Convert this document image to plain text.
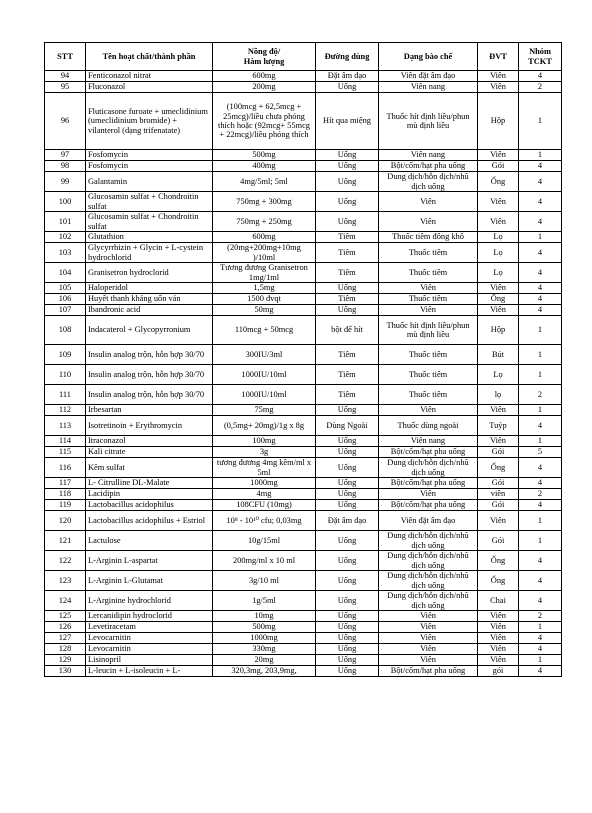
STT	Tên hoạt chất/thành phần	Nồng độ/
Hàm lượng	Đường dùng	Dạng bào chế	ĐVT	Nhóm
TCKT
94	Fenticonazol nitrat	600mg	Đặt âm đạo	Viên đặt âm đạo	Viên	4
95	Fluconazol	200mg	Uống	Viên nang	Viên	2
96	Fluticasone furoate + umeclidinium (umeclidinium bromide) + vilanterol (dạng trifenatate)	(100mcg + 62,5mcg + 25mcg)/liều chưa phóng thích hoặc (92mcg+ 55mcg + 22mcg)/liều phóng thích	Hít qua miệng	Thuốc hít định liều/phun mù định liều	Hộp	1
97	Fosfomycin	500mg	Uống	Viên nang	Viên	1
98	Fosfomycin	400mg	Uống	Bột/cốm/hạt pha uống	Gói	4
99	Galantamin	4mg/5ml; 5ml	Uống	Dung dịch/hỗn dịch/nhũ dịch uống	Ống	4
100	Glucosamin sulfat + Chondroitin sulfat	750mg + 300mg	Uống	Viên	Viên	4
101	Glucosamin sulfat + Chondroitin sulfat	750mg + 250mg	Uống	Viên	Viên	4
102	Glutathion	600mg	Tiêm	Thuốc tiêm đông khô	Lọ	1
103	Glycyrrhizin + Glycin + L-cystein hydrochlorid	(20mg+200mg+10mg )/10ml	Tiêm	Thuốc tiêm	Lọ	4
104	Granisetron hydroclorid	Tương đương Granisetron 1mg/1ml	Tiêm	Thuốc tiêm	Lọ	4
105	Haloperidol	1,5mg	Uống	Viên	Viên	4
106	Huyết thanh kháng uốn ván	1500 đvqt	Tiêm	Thuốc tiêm	Ống	4
107	Ibandronic acid	50mg	Uống	Viên	Viên	4
108	Indacaterol + Glycopyrronium	110mcg + 50mcg	bột để hít	Thuốc hít định liều/phun mù định liều	Hộp	1
109	Insulin analog trộn, hỗn hợp 30/70	300IU/3ml	Tiêm	Thuốc tiêm	Bút	1
110	Insulin analog trộn, hỗn hợp 30/70	1000IU/10ml	Tiêm	Thuốc tiêm	Lọ	1
111	Insulin analog trộn, hỗn hợp 30/70	1000IU/10ml	Tiêm	Thuốc tiêm	lọ	2
112	Irbesartan	75mg	Uống	Viên	Viên	1
113	Isotretinoin + Erythromycin	(0,5mg+ 20mg)/1g x 8g	Dùng Ngoài	Thuốc dùng ngoài	Tuýp	4
114	Itraconazol	100mg	Uống	Viên nang	Viên	1
115	Kali citrate	3g	Uống	Bột/cốm/hạt pha uống	Gói	5
116	Kẽm sulfat	tương đương 4mg kẽm/ml x 5ml	Uống	Dung dịch/hỗn dịch/nhũ dịch uống	Ống	4
117	L- Citrulline DL-Malate	1000mg	Uống	Bột/cốm/hạt pha uống	Gói	4
118	Lacidipin	4mg	Uống	Viên	viên	2
119	Lactobacillus acidophilus	108CFU (10mg)	Uống	Bột/cốm/hạt pha uống	Gói	4
120	Lactobacillus acidophilus + Estriol	10⁸ - 10¹⁰ cfu; 0,03mg	Đặt âm đạo	Viên đặt âm đạo	Viên	1
121	Lactulose	10g/15ml	Uống	Dung dịch/hỗn dịch/nhũ dịch uống	Gói	1
122	L-Arginin L-aspartat	200mg/ml x 10 ml	Uống	Dung dịch/hỗn dịch/nhũ dịch uống	Ống	4
123	L-Arginin L-Glutamat	3g/10 ml	Uống	Dung dịch/hỗn dịch/nhũ dịch uống	Ống	4
124	L-Arginine hydrochlorid	1g/5ml	Uống	Dung dịch/hỗn dịch/nhũ dịch uống	Chai	4
125	Lercanidipin hydroclorid	10mg	Uống	Viên	Viên	2
126	Levetiracetam	500mg	Uống	Viên	Viên	1
127	Levocarnitin	1000mg	Uống	Viên	Viên	4
128	Levocarnitin	330mg	Uống	Viên	Viên	4
129	Lisinopril	20mg	Uống	Viên	Viên	1
130	L-leucin + L-isoleucin + L-	320,3mg, 203,9mg,	Uống	Bột/cốm/hạt pha uống	gói	4
